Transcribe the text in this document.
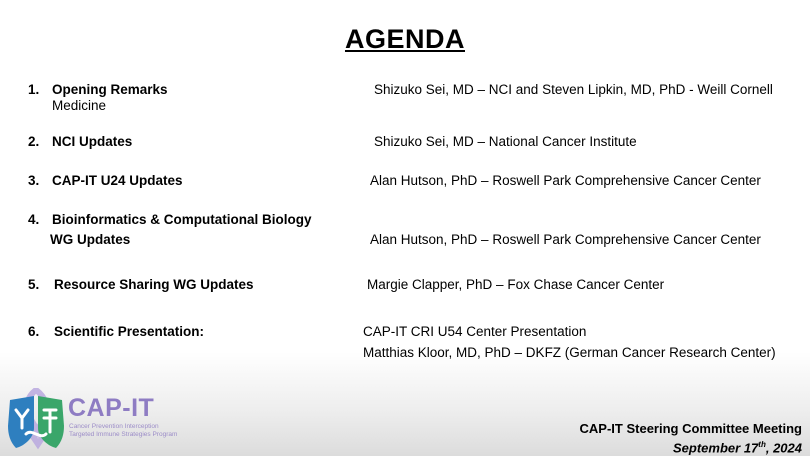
AGENDA
1. Opening Remarks	Shizuko Sei, MD – NCI and Steven Lipkin, MD, PhD - Weill Cornell
Medicine
2. NCI Updates	Shizuko Sei, MD – National Cancer Institute
3. CAP-IT U24 Updates	Alan Hutson, PhD – Roswell Park Comprehensive Cancer Center
4. Bioinformatics & Computational Biology
WG Updates	Alan Hutson, PhD – Roswell Park Comprehensive Cancer Center
5. Resource Sharing WG Updates	Margie Clapper, PhD – Fox Chase Cancer Center
6. Scientific Presentation:	CAP-IT CRI U54 Center Presentation
Matthias Kloor, MD, PhD – DKFZ (German Cancer Research Center)
CAP-IT
Cancer Prevention Interception
Targeted Immune Strategies Program	CAP-IT Steering Committee Meeting
September 17th, 2024
